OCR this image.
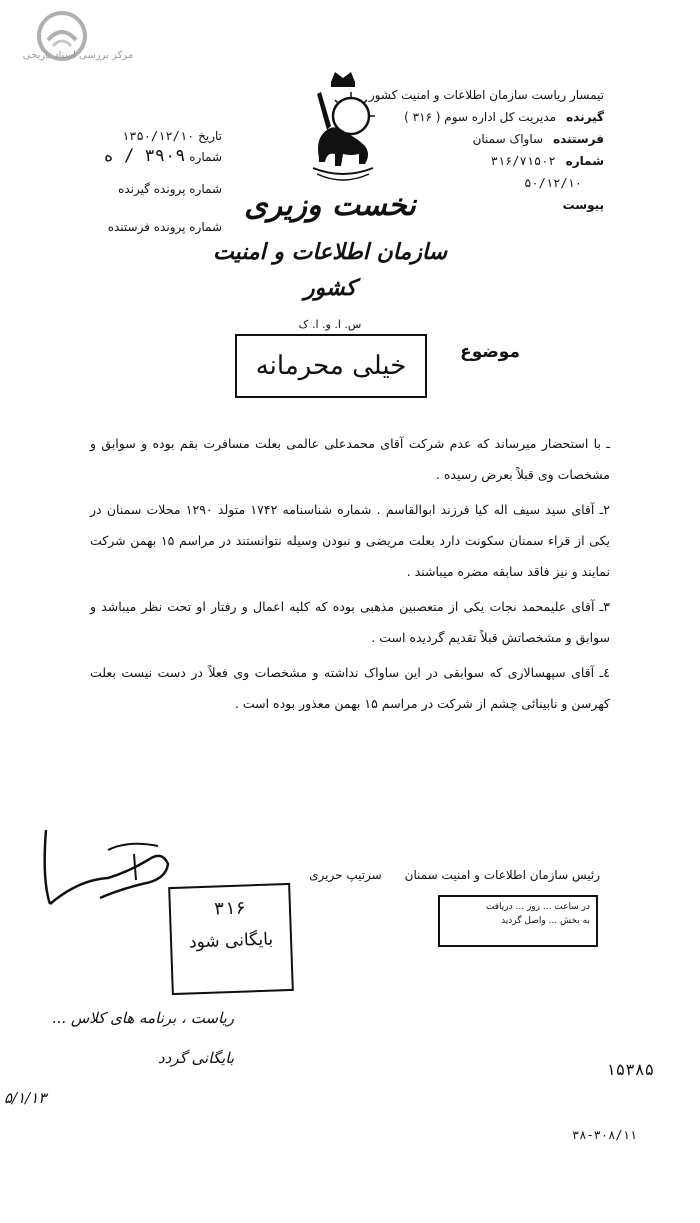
مرکز بررسی اسناد تاریخی
تیمسار ریاست سازمان اطلاعات و امنیت کشور
گیرنده
مدیریت کل اداره سوم ( ۳۱۶ )
فرستنده
ساواک سمنان
شماره
۳۱۶/۷۱۵۰۲
۵۰/۱۲/۱۰
پیوست
تاریخ ۱۳۵۰/۱۲/۱۰
شماره ۳۹۰۹ / ه
شماره پرونده گیرنده
شماره پرونده فرستنده
نخست وزیری
سازمان اطلاعات و امنیت کشور
س. ا. و. ا. ک
موضوع
خیلی محرمانه

ـ با استحضار میرساند که عدم شرکت آقای محمدعلی عالمی بعلت مسافرت بقم بوده و سوابق و مشخصات وی قبلاً بعرض رسیده .

۲ـ آقای سید سیف اله کیا فرزند ابوالقاسم . شماره شناسنامه ۱۷۴۲ متولد ۱۲۹۰ محلات سمنان در یکی از قراء سمنان سکونت دارد بعلت مریضی و نبودن وسیله نتوانستند در مراسم ۱۵ بهمن شرکت نمایند و نیز فاقد سابقه مضره میباشند .

۳ـ آقای علیمحمد نجات یکی از متعصبین مذهبی بوده که کلیه اعمال و رفتار او تحت نظر میباشد و سوابق و مشخصاتش قبلاً تقدیم گردیده است .

٤ـ آقای سپهسالاری که سوابقی در این ساواک نداشته و مشخصات وی فعلاً در دست نیست بعلت کهرسن و نابینائی چشم از شرکت در مراسم ۱۵ بهمن معذور بوده است .

رئیس سازمان اطلاعات و امنیت سمنان      سرتیپ حریری
۳۱۶
بایگانی شود
در ساعت ... روز ... دریافت
به بخش ... واصل گردید
ریاست ، برنامه های کلاس ...
بایگانی گردد
۵/۱/۱۳
۱۵۳۸۵
۳۸-۳۰۸/۱۱
